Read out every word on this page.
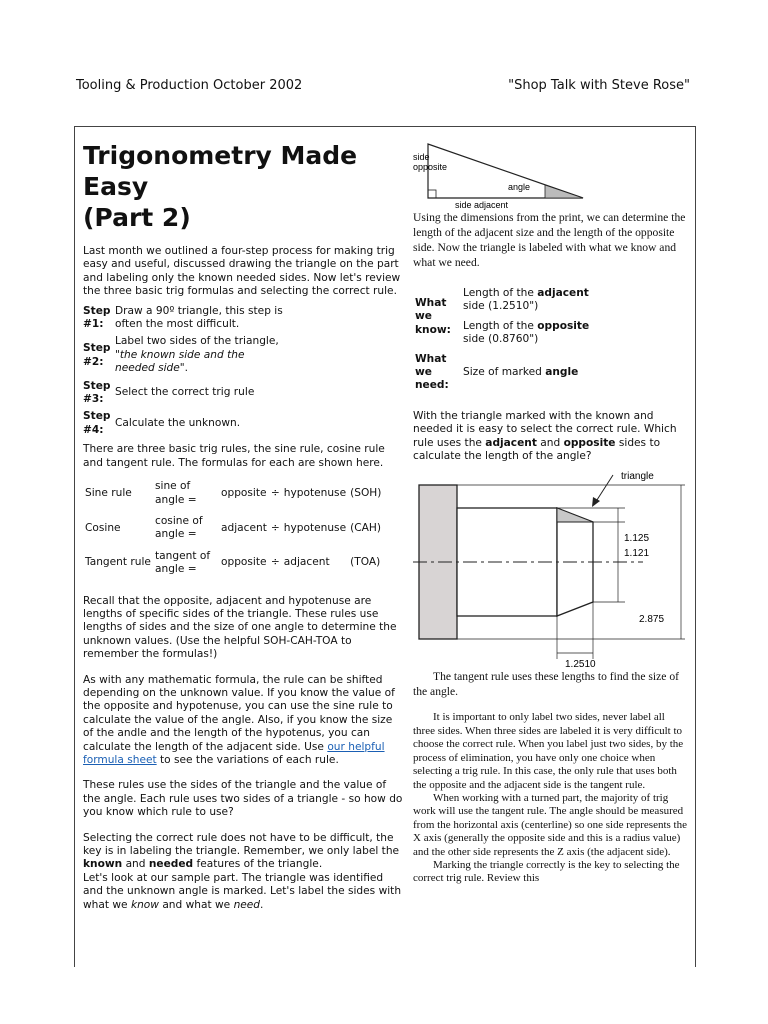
Tooling & Production October 2002	"Shop Talk with Steve Rose"
Trigonometry Made
Easy
(Part 2)

Last month we outlined a four-step process for making trig easy and useful, discussed drawing the triangle on the part and labeling only the known needed sides. Now let's review the three basic trig formulas and selecting the correct rule.

Step #1:	Draw a 90º triangle, this step is often the most difficult.
Step #2:	Label two sides of the triangle, "the known side and the needed side".
Step #3:	Select the correct trig rule
Step #4:	Calculate the unknown.

There are three basic trig rules, the sine rule, cosine rule and tangent rule. The formulas for each are shown here.

Sine rule	sine of angle =	opposite	÷	hypotenuse	(SOH)
Cosine	cosine of angle =	adjacent	÷	hypotenuse	(CAH)
Tangent rule	tangent of angle =	opposite	÷	adjacent	(TOA)

Recall that the opposite, adjacent and hypotenuse are lengths of specific sides of the triangle. These rules use lengths of sides and the size of one angle to determine the unknown values. (Use the helpful SOH-CAH-TOA to remember the formulas!)

As with any mathematic formula, the rule can be shifted depending on the unknown value. If you know the value of the opposite and hypotenuse, you can use the sine rule to calculate the value of the angle. Also, if you know the size of the andle and the length of the hypotenus, you can calculate the length of the adjacent side. Use our helpful formula sheet to see the variations of each rule.

These rules use the sides of the triangle and the value of the angle. Each rule uses two sides of a triangle - so how do you know which rule to use?

Selecting the correct rule does not have to be difficult, the key is in labeling the triangle. Remember, we only label the known and needed features of the triangle.

Let's look at our sample part. The triangle was identified and the unknown angle is marked. Let's label the sides with what we know and what we need.

side
opposite
angle
side adjacent

Using the dimensions from the print, we can determine the length of the adjacent size and the length of the opposite side. Now the triangle is labeled with what we know and what we need.

What we know:	Length of the adjacent side (1.2510")
	Length of the opposite side (0.8760")
What we need:	Size of marked angle

With the triangle marked with the known and needed it is easy to select the correct rule. Which rule uses the adjacent and opposite sides to calculate the length of the angle?

triangle
1.125
1.121
2.875
1.2510

The tangent rule uses these lengths to find the size of the angle.

It is important to only label two sides, never label all three sides. When three sides are labeled it is very difficult to choose the correct rule. When you label just two sides, by the process of elimination, you have only one choice when selecting a trig rule. In this case, the only rule that uses both the opposite and the adjacent side is the tangent rule.

When working with a turned part, the majority of trig work will use the tangent rule. The angle should be measured from the horizontal axis (centerline) so one side represents the X axis (generally the opposite side and this is a radius value) and the other side represents the Z axis (the adjacent side).

Marking the triangle correctly is the key to selecting the correct trig rule. Review this
